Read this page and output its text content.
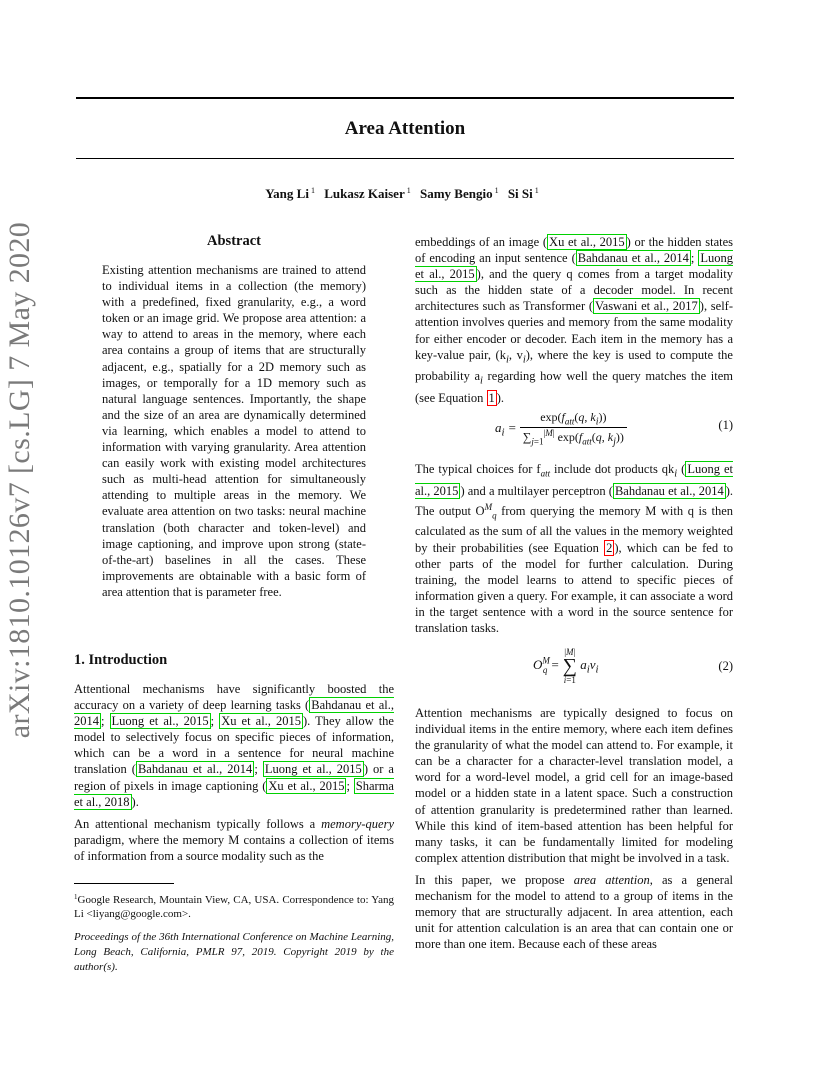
arXiv:1810.10126v7 [cs.LG] 7 May 2020
Area Attention
Yang Li $^1$ Lukasz Kaiser $^1$ Samy Bengio $^1$ Si Si $^1$
Abstract
Existing attention mechanisms are trained to attend to individual items in a collection (the memory) with a predefined, fixed granularity, e.g., a word token or an image grid. We propose area attention: a way to attend to areas in the memory, where each area contains a group of items that are structurally adjacent, e.g., spatially for a 2D memory such as images, or temporally for a 1D memory such as natural language sentences. Importantly, the shape and the size of an area are dynamically determined via learning, which enables a model to attend to information with varying granularity. Area attention can easily work with existing model architectures such as multi-head attention for simultaneously attending to multiple areas in the memory. We evaluate area attention on two tasks: neural machine translation (both character and token-level) and image captioning, and improve upon strong (state-of-the-art) baselines in all the cases. These improvements are obtainable with a basic form of area attention that is parameter free.
1. Introduction

Attentional mechanisms have significantly boosted the accuracy on a variety of deep learning tasks ( Bahdanau et al., 2014 ; Luong et al., 2015 ; Xu et al., 2015 ). They allow the model to selectively focus on specific pieces of information, which can be a word in a sentence for neural machine translation ( Bahdanau et al., 2014 ; Luong et al., 2015 ) or a region of pixels in image captioning ( Xu et al., 2015 ; Sharma et al., 2018 ).

An attentional mechanism typically follows a memory-query paradigm, where the memory M contains a collection of items of information from a source modality such as the

$^1$Google Research, Mountain View, CA, USA. Correspondence to: Yang Li <liyang@google.com>.
Proceedings of the 36th International Conference on Machine Learning, Long Beach, California, PMLR 97, 2019. Copyright 2019 by the author(s).

embeddings of an image ( Xu et al., 2015 ) or the hidden states of encoding an input sentence ( Bahdanau et al., 2014 ; Luong et al., 2015 ), and the query q comes from a target modality such as the hidden state of a decoder model. In recent architectures such as Transformer ( Vaswani et al., 2017 ), self-attention involves queries and memory from the same modality for either encoder or decoder. Each item in the memory has a key-value pair, ($k_i$, $v_i$), where the key is used to compute the probability $a_i$ regarding how well the query matches the item (see Equation 1 ).

$a_i = \frac{\exp(f_{att}(q, k_i))}{\sum_{j=1}^{|M|} \exp(f_{att}(q, k_j))}$	(1)

The typical choices for $f_{att}$ include dot products $qk_i$ ( Luong et al., 2015 ) and a multilayer perceptron ( Bahdanau et al., 2014 ). The output $O^M_q$ from querying the memory M with q is then calculated as the sum of all the values in the memory weighted by their probabilities (see Equation 2 ), which can be fed to other parts of the model for further calculation. During training, the model learns to attend to specific pieces of information given a query. For example, it can associate a word in the target sentence with a word in the source sentence for translation tasks.

$O^M_q$ =
|M|
∑
i=1
$a_iv_i$	(2)

Attention mechanisms are typically designed to focus on individual items in the entire memory, where each item defines the granularity of what the model can attend to. For example, it can be a character for a character-level translation model, a word for a word-level model, a grid cell for an image-based model or a hidden state in a latent space. Such a construction of attention granularity is predetermined rather than learned. While this kind of item-based attention has been helpful for many tasks, it can be fundamentally limited for modeling complex attention distribution that might be involved in a task.

In this paper, we propose area attention, as a general mechanism for the model to attend to a group of items in the memory that are structurally adjacent. In area attention, each unit for attention calculation is an area that can contain one or more than one item. Because each of these areas
